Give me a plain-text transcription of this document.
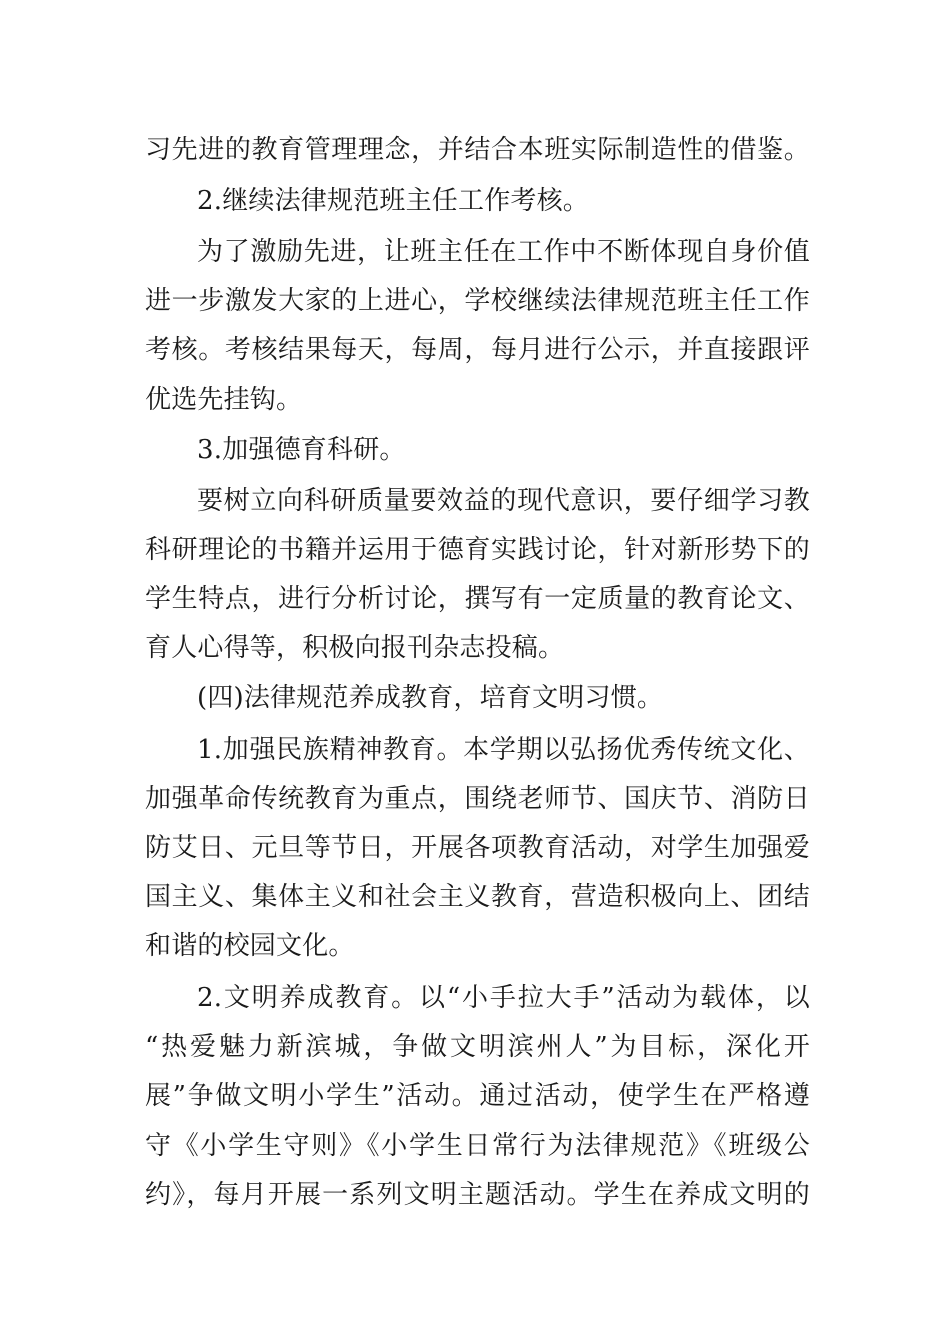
习先进的教育管理理念，并结合本班实际制造性的借鉴。
2.继续法律规范班主任工作考核。
为了激励先进，让班主任在工作中不断体现自身价值
进一步激发大家的上进心，学校继续法律规范班主任工作
考核。考核结果每天，每周，每月进行公示，并直接跟评
优选先挂钩。
3.加强德育科研。
要树立向科研质量要效益的现代意识，要仔细学习教
科研理论的书籍并运用于德育实践讨论，针对新形势下的
学生特点，进行分析讨论，撰写有一定质量的教育论文、
育人心得等，积极向报刊杂志投稿。
(四)法律规范养成教育，培育文明习惯。
1.加强民族精神教育。本学期以弘扬优秀传统文化、
加强革命传统教育为重点，围绕老师节、国庆节、消防日
防艾日、元旦等节日，开展各项教育活动，对学生加强爱
国主义、集体主义和社会主义教育，营造积极向上、团结
和谐的校园文化。
2.文明养成教育。以“小手拉大手”活动为载体，以
“热爱魅力新滨城，争做文明滨州人”为目标，深化开
展”争做文明小学生”活动。通过活动，使学生在严格遵
守《小学生守则》《小学生日常行为法律规范》《班级公
约》，每月开展一系列文明主题活动。学生在养成文明的
